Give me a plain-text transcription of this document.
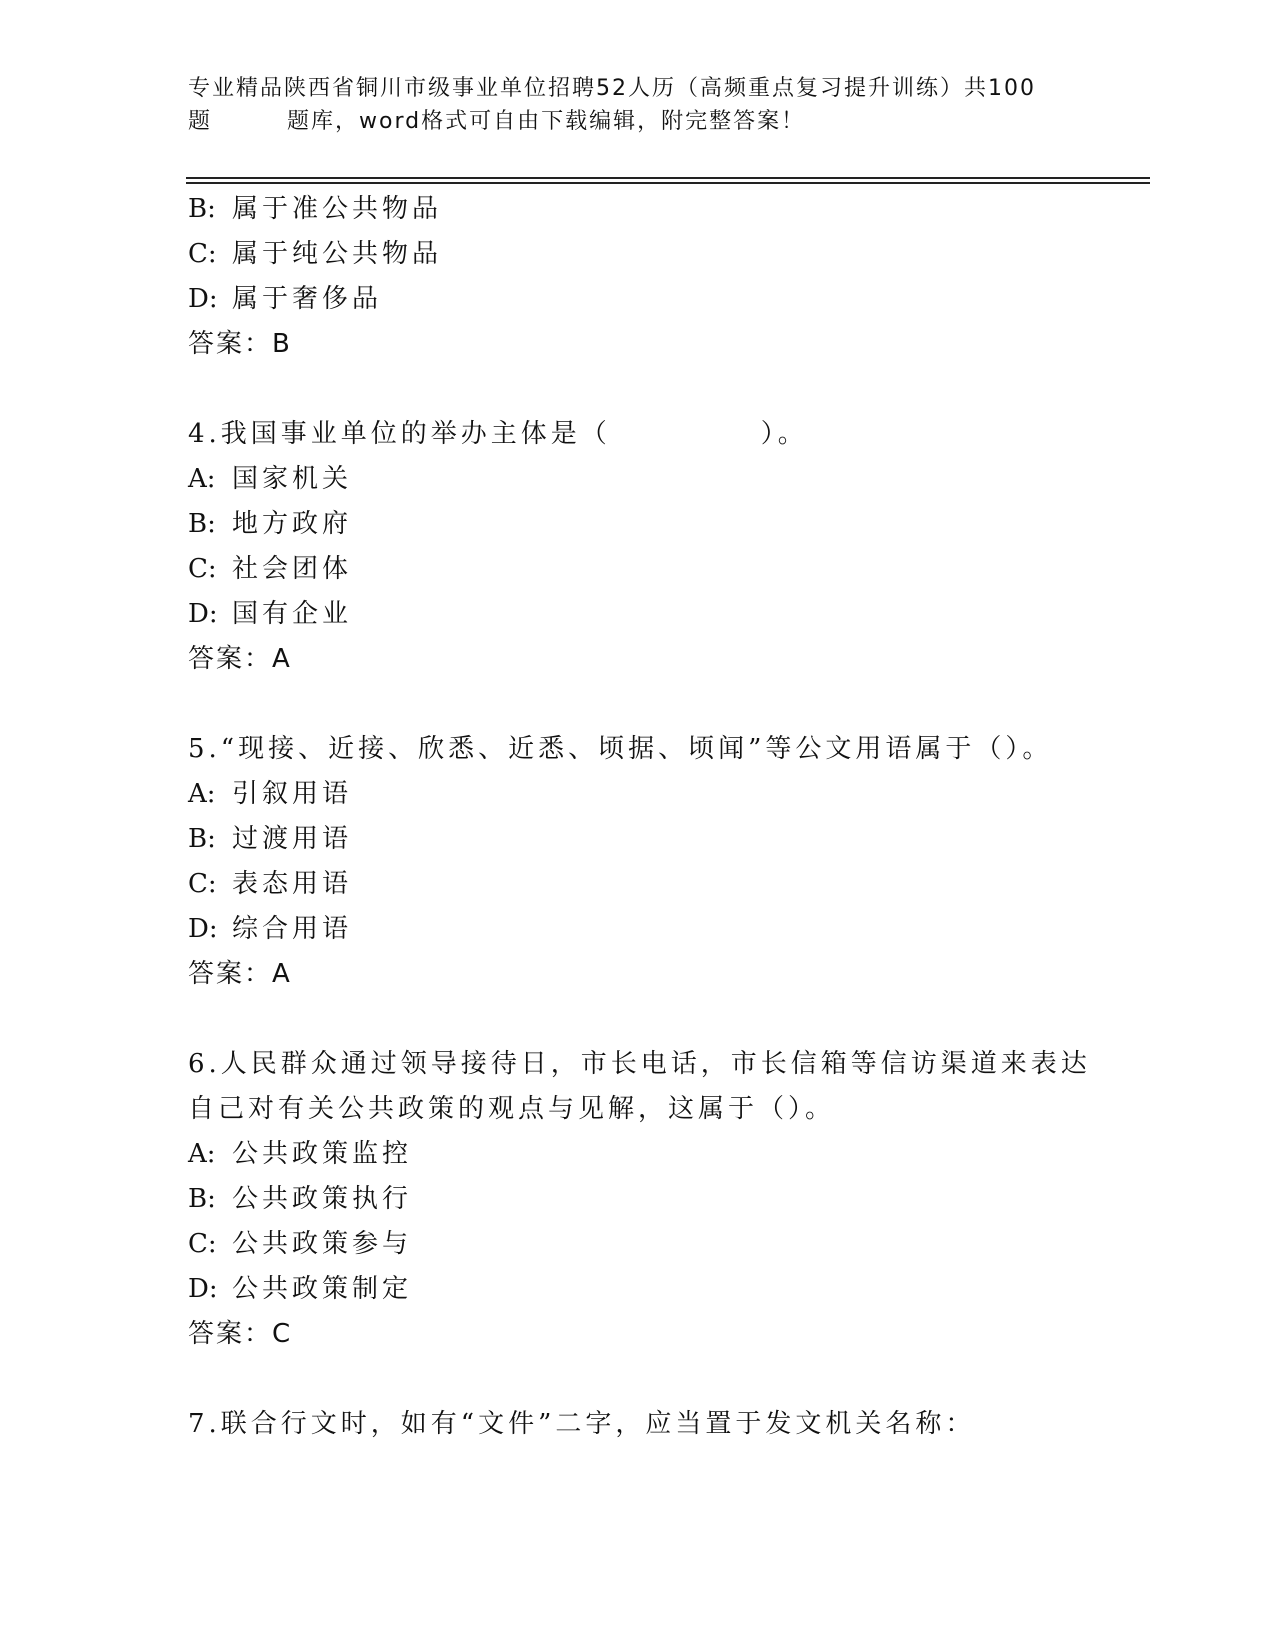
专业精品陕西省铜川市级事业单位招聘52人历（高频重点复习提升训练）共100
题	题库，word格式可自由下载编辑，附完整答案！
B: 属于准公共物品
C: 属于纯公共物品
D: 属于奢侈品
答案：B
4.我国事业单位的举办主体是（　　　　　）。
A: 国家机关
B: 地方政府
C: 社会团体
D: 国有企业
答案：A
5.“现接、近接、欣悉、近悉、顷据、顷闻”等公文用语属于（）。
A: 引叙用语
B: 过渡用语
C: 表态用语
D: 综合用语
答案：A
6.人民群众通过领导接待日，市长电话，市长信箱等信访渠道来表达
自己对有关公共政策的观点与见解，这属于（）。
A: 公共政策监控
B: 公共政策执行
C: 公共政策参与
D: 公共政策制定
答案：C
7.联合行文时，如有“文件”二字，应当置于发文机关名称：
